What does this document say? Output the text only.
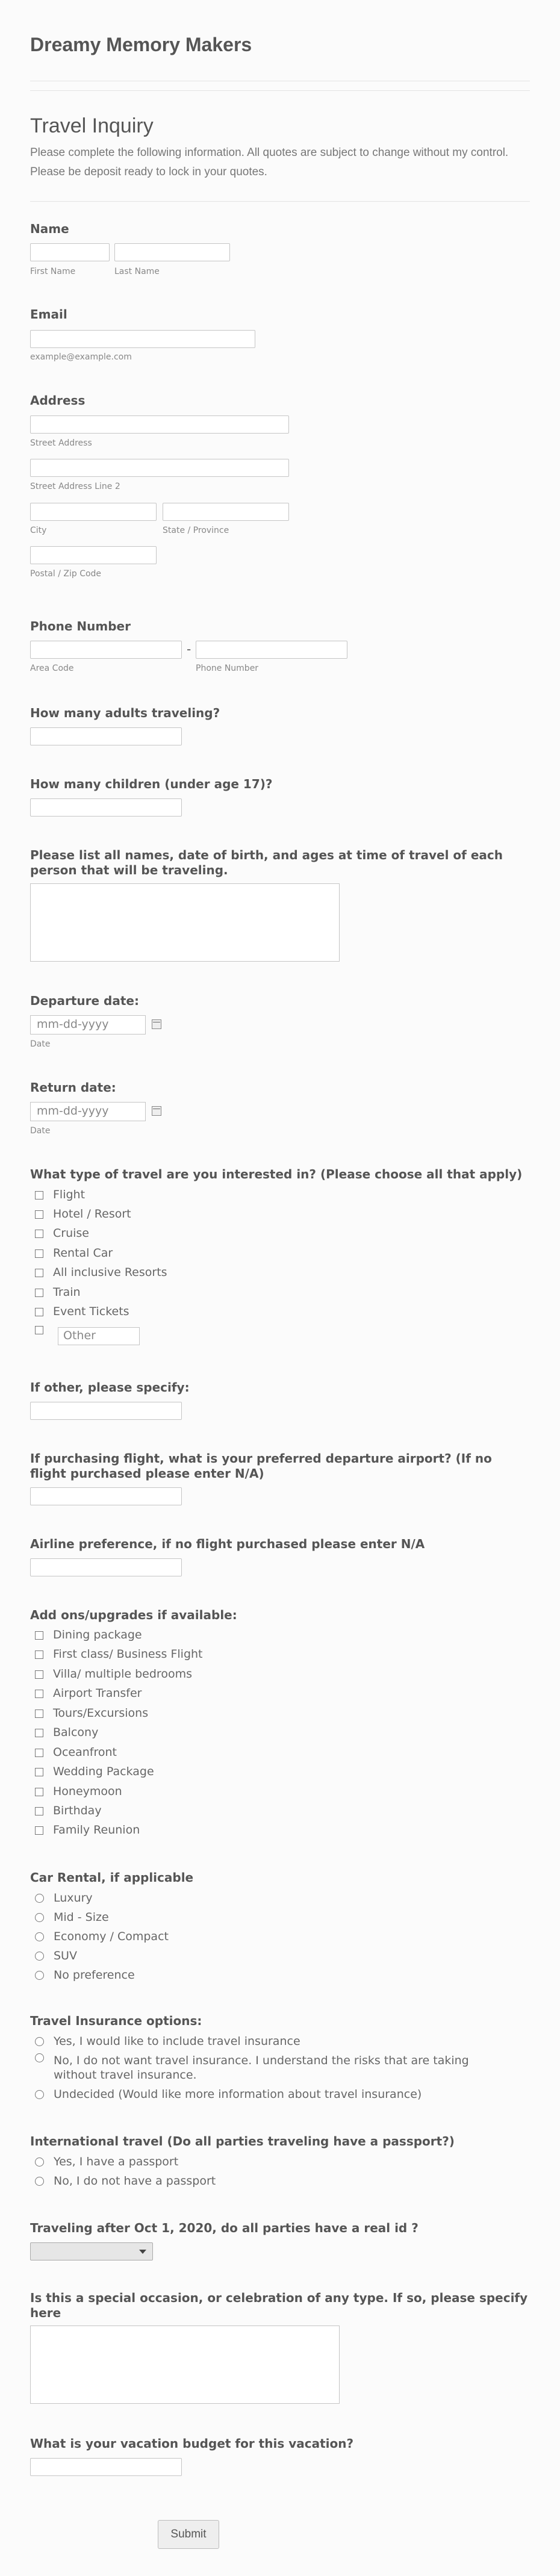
Dreamy Memory Makers
Travel Inquiry
Please complete the following information. All quotes are subject to change without my control. Please be deposit ready to lock in your quotes.
Name
First Name	Last Name
Email
example@example.com
Address
Street Address
Street Address Line 2
City	State / Province
Postal / Zip Code
Phone Number
-
Area Code	Phone Number
How many adults traveling?
How many children (under age 17)?
Please list all names, date of birth, and ages at time of travel of each person that will be traveling.
Departure date:
mm-dd-yyyy
Date
Return date:
mm-dd-yyyy
Date
What type of travel are you interested in? (Please choose all that apply)
Flight
Hotel / Resort
Cruise
Rental Car
All inclusive Resorts
Train
Event Tickets
Other
If other, please specify:
If purchasing flight, what is your preferred departure airport? (If no flight purchased please enter N/A)
Airline preference, if no flight purchased please enter N/A
Add ons/upgrades if available:
Dining package
First class/ Business Flight
Villa/ multiple bedrooms
Airport Transfer
Tours/Excursions
Balcony
Oceanfront
Wedding Package
Honeymoon
Birthday
Family Reunion
Car Rental, if applicable
Luxury
Mid - Size
Economy / Compact
SUV
No preference
Travel Insurance options:
Yes, I would like to include travel insurance
No, I do not want travel insurance. I understand the risks that are taking without travel insurance.
Undecided (Would like more information about travel insurance)
International travel (Do all parties traveling have a passport?)
Yes, I have a passport
No, I do not have a passport
Traveling after Oct 1, 2020, do all parties have a real id ?
Is this a special occasion, or celebration of any type. If so, please specify here
What is your vacation budget for this vacation?
Submit
